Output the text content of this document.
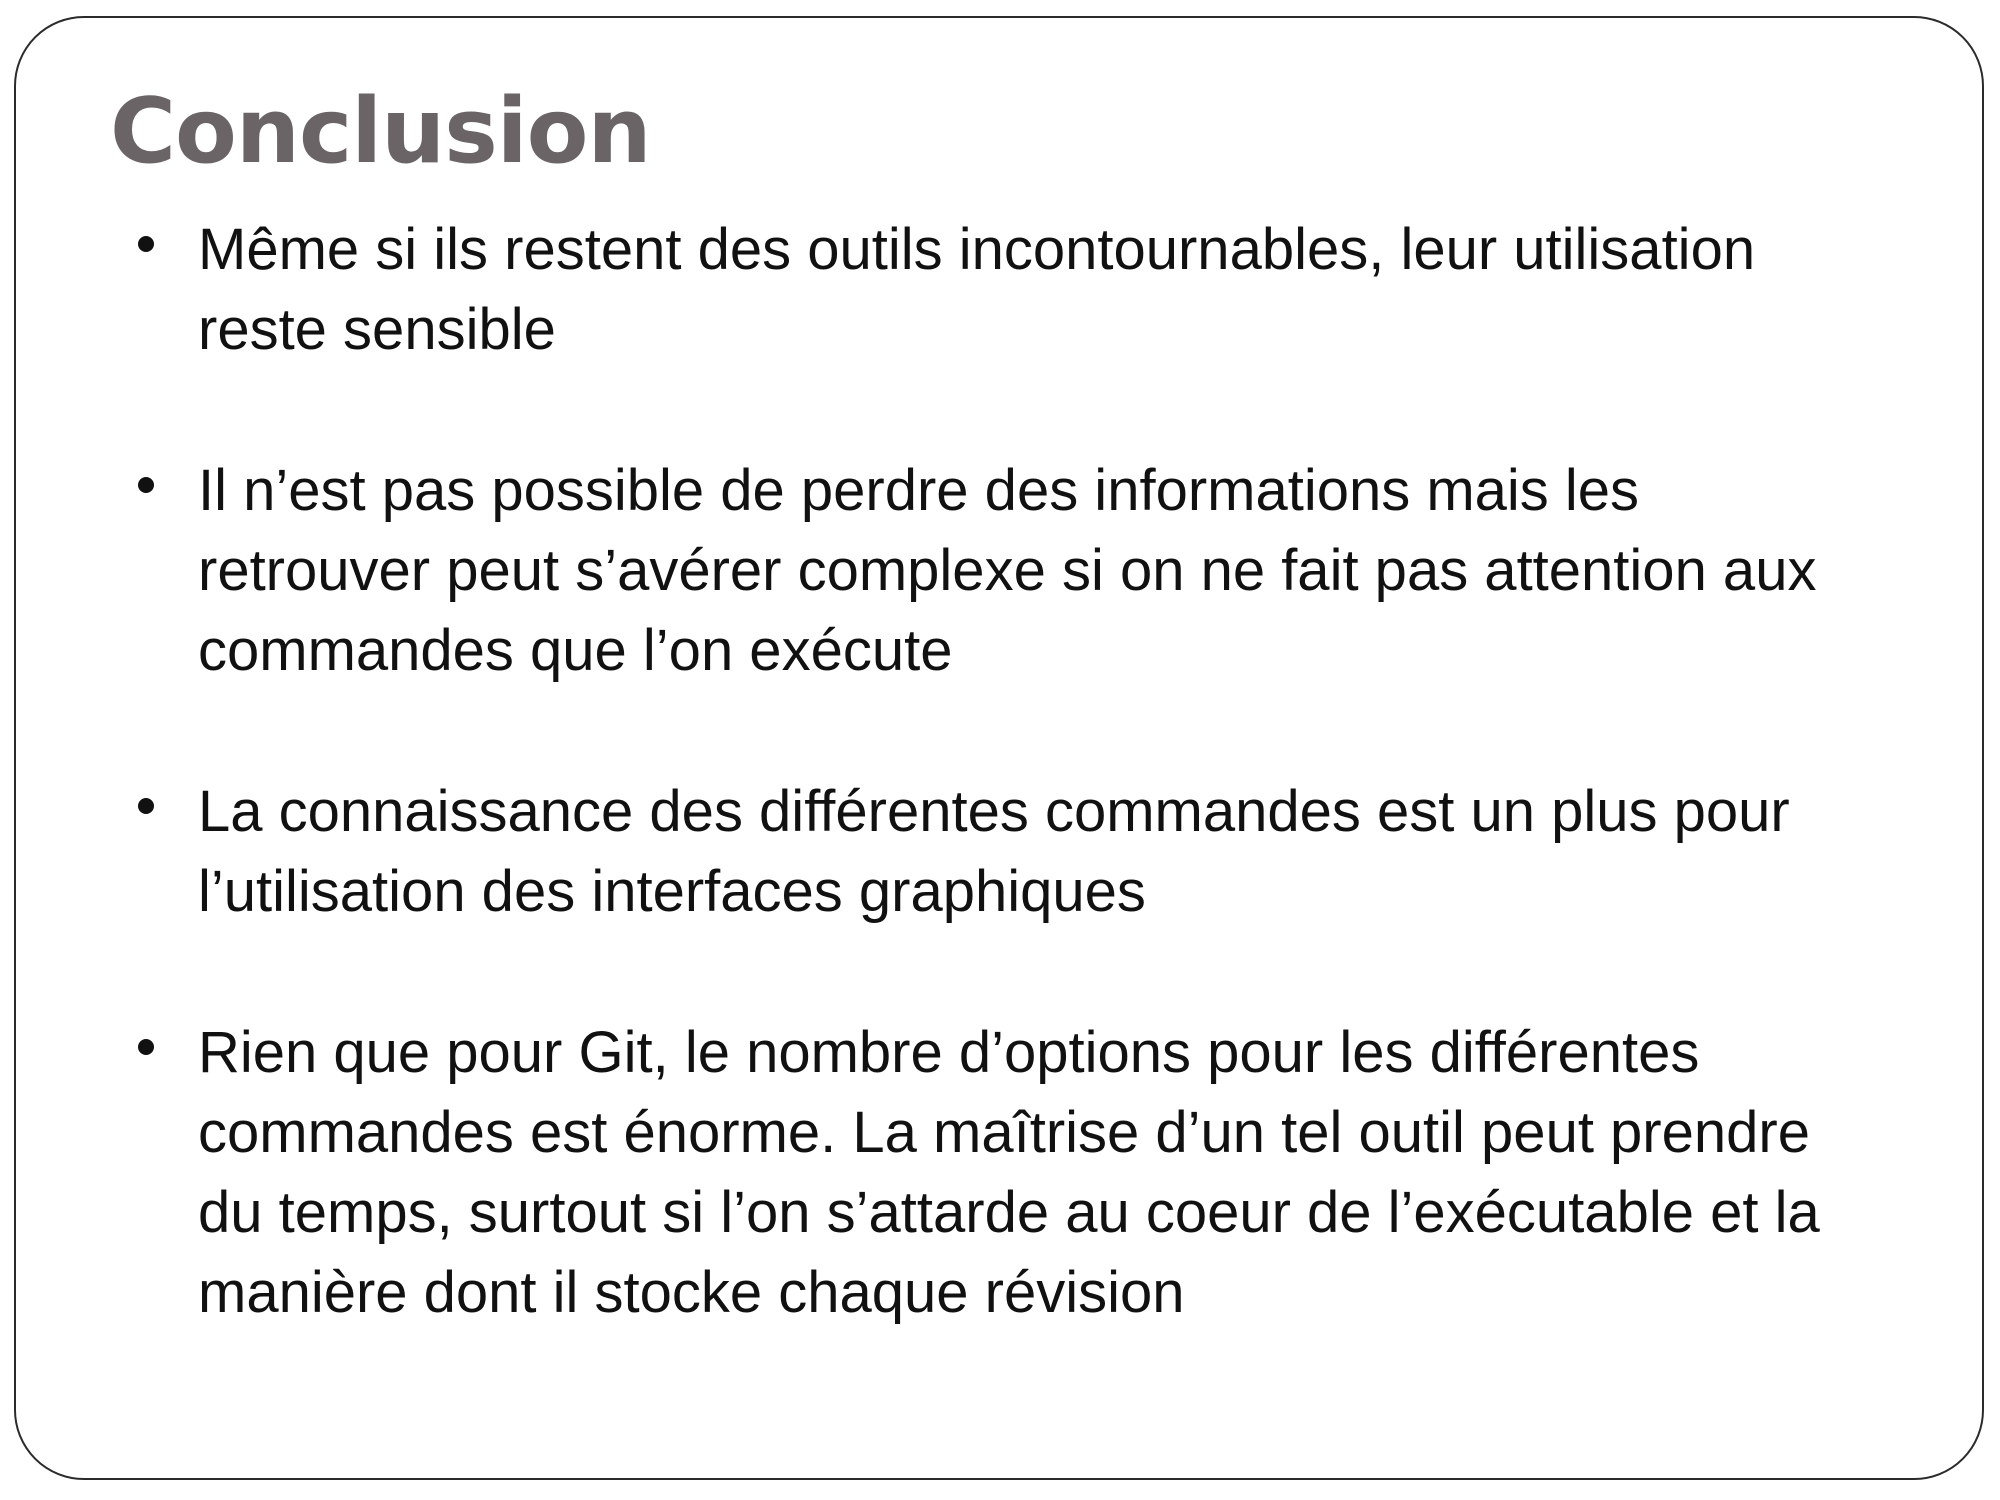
Conclusion
Même si ils restent des outils incontournables, leur utilisation
reste sensible
Il n’est pas possible de perdre des informations mais les
retrouver peut s’avérer complexe si on ne fait pas attention aux
commandes que l’on exécute
La connaissance des différentes commandes est un plus pour
l’utilisation des interfaces graphiques
Rien que pour Git, le nombre d’options pour les différentes
commandes est énorme. La maîtrise d’un tel outil peut prendre
du temps, surtout si l’on s’attarde au coeur de l’exécutable et la
manière dont il stocke chaque révision
